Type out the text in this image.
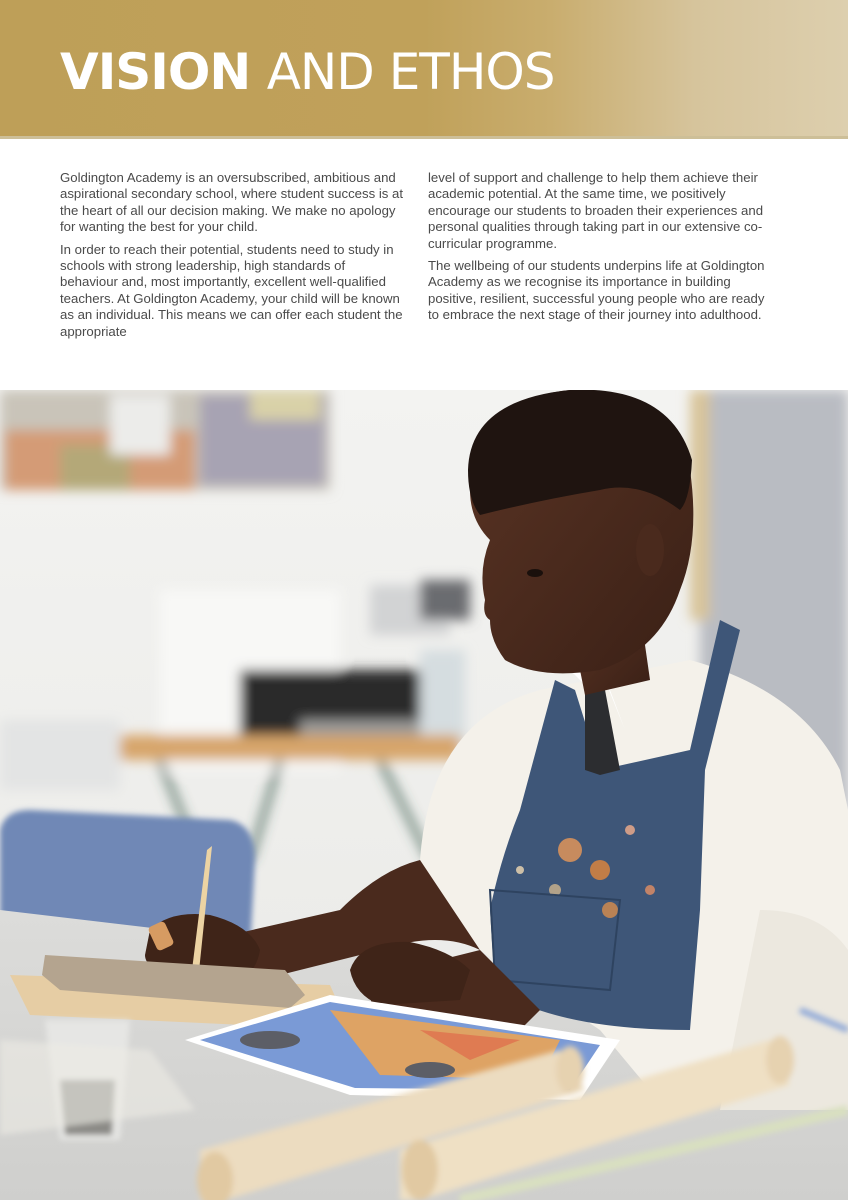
VISION AND ETHOS

Goldington Academy is an oversubscribed, ambitious and aspirational secondary school, where student success is at the heart of all our decision making. We make no apology for wanting the best for your child.

In order to reach their potential, students need to study in schools with strong leadership, high standards of behaviour and, most importantly, excellent well-qualified teachers. At Goldington Academy, your child will be known as an individual. This means we can offer each student the appropriate

level of support and challenge to help them achieve their academic potential. At the same time, we positively encourage our students to broaden their experiences and personal qualities through taking part in our extensive co-curricular programme.

The wellbeing of our students underpins life at Goldington Academy as we recognise its importance in building positive, resilient, successful young people who are ready to embrace the next stage of their journey into adulthood.
